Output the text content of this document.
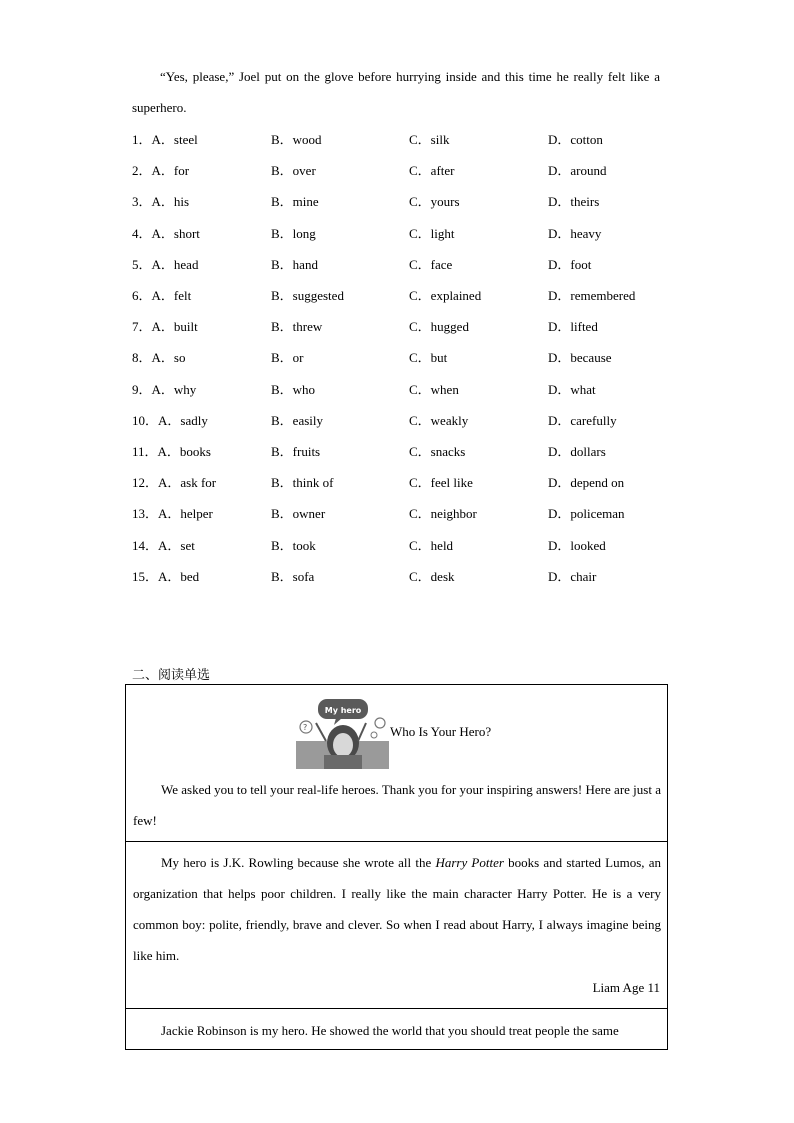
“Yes, please,” Joel put on the glove before hurrying inside and this time he really felt like a superhero.
1．A．steel	B．wood	C．silk	D．cotton
2．A．for	B．over	C．after	D．around
3．A．his	B．mine	C．yours	D．theirs
4．A．short	B．long	C．light	D．heavy
5．A．head	B．hand	C．face	D．foot
6．A．felt	B．suggested	C．explained	D．remembered
7．A．built	B．threw	C．hugged	D．lifted
8．A．so	B．or	C．but	D．because
9．A．why	B．who	C．when	D．what
10．A．sadly	B．easily	C．weakly	D．carefully
11．A．books	B．fruits	C．snacks	D．dollars
12．A．ask for	B．think of	C．feel like	D．depend on
13．A．helper	B．owner	C．neighbor	D．policeman
14．A．set	B．took	C．held	D．looked
15．A．bed	B．sofa	C．desk	D．chair
二、阅读单选
My hero
?	Who Is Your Hero?
We asked you to tell your real-life heroes. Thank you for your inspiring answers! Here are just a few!
My hero is J.K. Rowling because she wrote all the Harry Potter books and started Lumos, an organization that helps poor children. I really like the main character Harry Potter. He is a very common boy: polite, friendly, brave and clever. So when I read about Harry, I always imagine being like him.
Liam Age 11
Jackie Robinson is my hero. He showed the world that you should treat people the same
